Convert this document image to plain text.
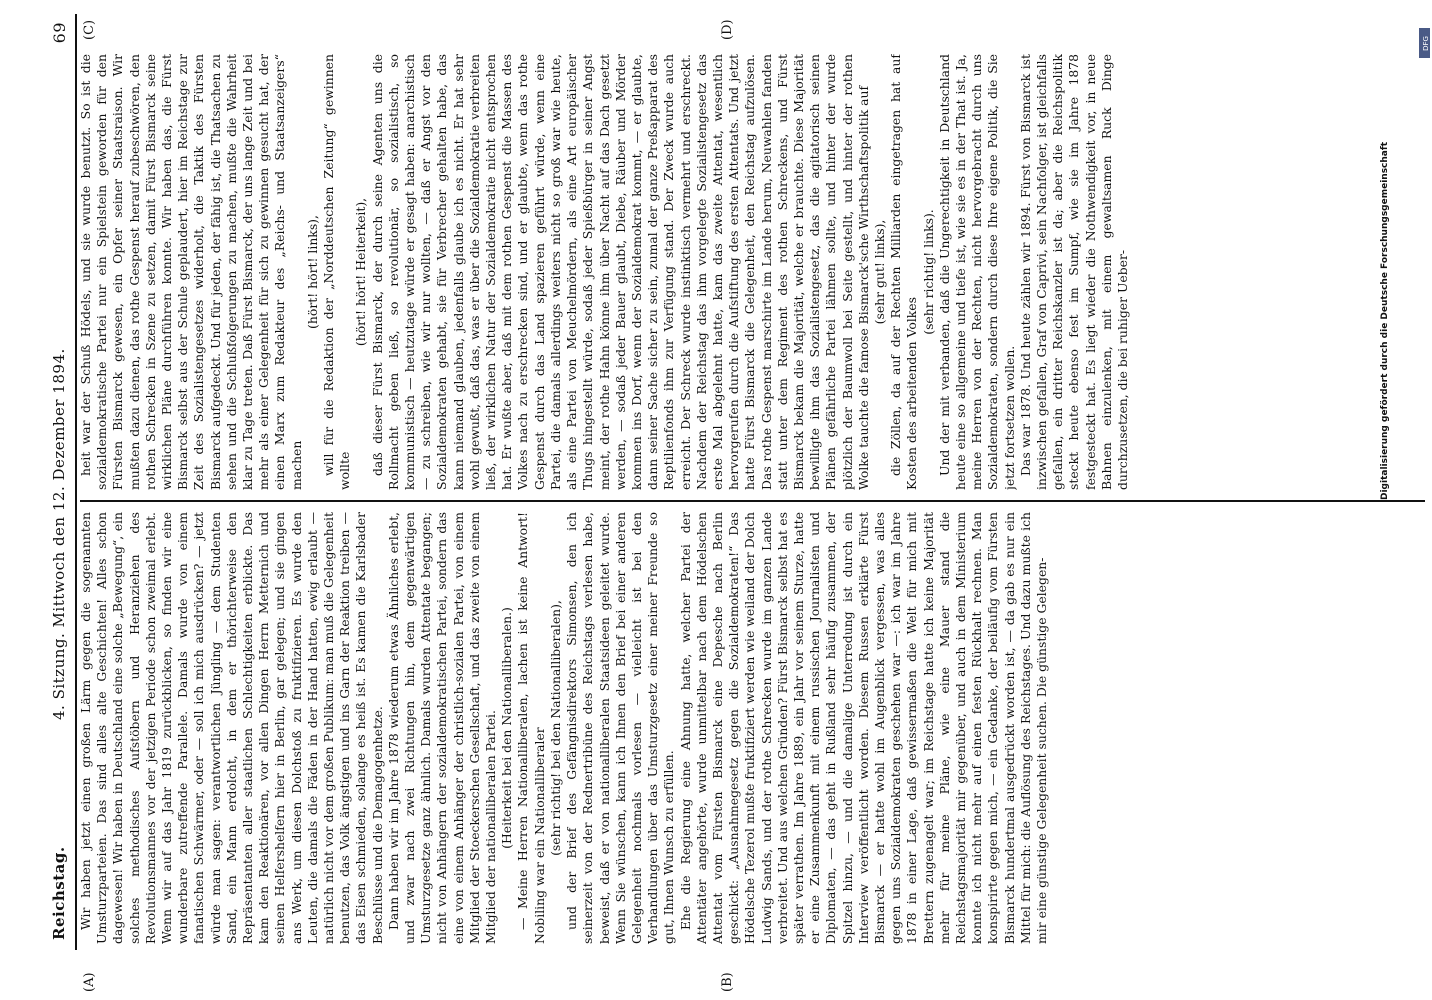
Reichstag.
4. Sitzung. Mittwoch den 12. Dezember 1894.
69
(A)	(B)
(C)	(D)

Wir haben jetzt einen großen Lärm gegen die sogenannten Umsturzparteien. Das sind alles alte Geschichten! Alles schon dagewesen! Wir haben in Deutschland eine solche „Bewegung“, ein solches methodisches Aufstöbern und Heranziehen des Revolutionsmannes vor der jetzigen Periode schon zweimal erlebt. Wenn wir auf das Jahr 1819 zurückblicken, so finden wir eine wunderbare zutreffende Parallele. Damals wurde von einem fanatischen Schwärmer, oder — soll ich mich ausdrücken? — jetzt würde man sagen: verantwortlichen Jüngling — dem Studenten Sand, ein Mann erdolcht, in dem er thörichterweise den Repräsentanten aller staatlichen Schlechtigkeiten erblickte. Das kam den Reaktionären, vor allen Dingen Herrn Metternich und seinen Helfershelfern hier in Berlin, gar gelegen; und sie gingen ans Werk, um diesen Dolchstoß zu fruktifizieren. Es wurde den Leuten, die damals die Fäden in der Hand hatten, ewig erlaubt — natürlich nicht vor dem großen Publikum: man muß die Gelegenheit benutzen, das Volk ängstigen und ins Garn der Reaktion treiben — das Eisen schmieden, solange es heiß ist. Es kamen die Karlsbader Beschlüsse und die Demagogenhetze. Dann haben wir im Jahre 1878 wiederum etwas Ähnliches erlebt, und zwar nach zwei Richtungen hin, dem gegenwärtigen Umsturzgesetze ganz ähnlich. Damals wurden Attentate begangen; nicht von Anhängern der sozialdemokratischen Partei, sondern das eine von einem Anhänger der christlich-sozialen Partei, von einem Mitglied der Stoeckerschen Gesellschaft, und das zweite von einem Mitglied der nationalliberalen Partei. (Heiterkeit bei den Nationalliberalen.) — Meine Herren Nationalliberalen, lachen ist keine Antwort! Nobiling war ein Nationalliberaler (sehr richtig! bei den Nationalliberalen), und der Brief des Gefängnisdirektors Simonsen, den ich seinerzeit von der Rednertribüne des Reichstags verlesen habe, beweist, daß er von nationalliberalen Staatsideen geleitet wurde. Wenn Sie wünschen, kann ich Ihnen den Brief bei einer anderen Gelegenheit nochmals vorlesen — vielleicht ist bei den Verhandlungen über das Umsturzgesetz einer meiner Freunde so gut, Ihnen Wunsch zu erfüllen. Ehe die Regierung eine Ahnung hatte, welcher Partei der Attentäter angehörte, wurde unmittelbar nach dem Hödelschen Attentat vom Fürsten Bismarck eine Depesche nach Berlin geschickt: „Ausnahmegesetz gegen die Sozialdemokraten!“ Das Hödelsche Tezerol mußte fruktifiziert werden wie weiland der Dolch Ludwig Sands, und der rothe Schrecken wurde im ganzen Lande verbreitet. Und aus welchen Gründen? Fürst Bismarck selbst hat es später verrathen. Im Jahre 1889, ein Jahr vor seinem Sturze, hatte er eine Zusammenkunft mit einem russischen Journalisten und Diplomaten, — das geht in Rußland sehr häufig zusammen, der Spitzel hinzu, — und die damalige Unterredung ist durch ein Interview veröffentlicht worden. Diesem Russen erklärte Fürst Bismarck — er hatte wohl im Augenblick vergessen, was alles gegen uns Sozialdemokraten geschehen war —: ich war im Jahre 1878 in einer Lage, daß gewissermaßen die Welt für mich mit Brettern zugenagelt war; im Reichstage hatte ich keine Majorität mehr für meine Pläne, wie eine Mauer stand die Reichstagsmajorität mir gegenüber, und auch in dem Ministerium konnte ich nicht mehr auf einen festen Rückhalt rechnen. Man konspirirte gegen mich, — ein Gedanke, der beiläufig vom Fürsten Bismarck hundertmal ausgedrückt worden ist, — da gab es nur ein Mittel für mich: die Auflösung des Reichstages. Und dazu mußte ich mir eine günstige Gelegenheit suchen. Die günstige Gelegen-

heit war der Schuß Hödels, und sie wurde benutzt. So ist die sozialdemokratische Partei nur ein Spielstein geworden für den Fürsten Bismarck gewesen, ein Opfer seiner Staatsraison. Wir mußten dazu dienen, das rothe Gespenst herauf zubeschwören, den rothen Schrecken in Szene zu setzen, damit Fürst Bismarck seine wirklichen Pläne durchführen konnte. Wir haben das, die Fürst Bismarck selbst aus der Schule geplaudert, hier im Reichstage zur Zeit des Sozialistengesetzes widerholt, die Taktik des Fürsten Bismarck aufgedeckt. Und für jeden, der fähig ist, die Thatsachen zu sehen und die Schlußfolgerungen zu machen, mußte die Wahrheit klar zu Tage treten. Daß Fürst Bismarck, der uns lange Zeit und bei mehr als einer Gelegenheit für sich zu gewinnen gesucht hat, der einen Marx zum Redakteur des „Reichs- und Staatsanzeigers“ machen

(hört! hört! links), will für die Redaktion der „Norddeutschen Zeitung“ gewinnen wollte

(hört! hört! Heiterkeit), daß dieser Fürst Bismarck, der durch seine Agenten uns die Rollmacht geben ließ, so revolutionär, so sozialistisch, so kommunistisch — heutzutage würde er gesagt haben: anarchistisch — zu schreiben, wie wir nur wollten, — daß er Angst vor den Sozialdemokraten gehabt, sie für Verbrecher gehalten habe, das kann niemand glauben, jedenfalls glaube ich es nicht. Er hat sehr wohl gewußt, daß das, was er über die Sozialdemokratie verbreiten ließ, der wirklichen Natur der Sozialdemokratie nicht entsprochen hat. Er wußte aber, daß mit dem rothen Gespenst die Massen des Volkes nach zu erschrecken sind, und er glaubte, wenn das rothe Gespenst durch das Land spazieren geführt würde, wenn eine Partei, die damals allerdings weiters nicht so groß war wie heute, als eine Partei von Meuchelmördern, als eine Art europäischer Thugs hingestellt würde, sodaß jeder Spießbürger in seiner Angst meint, der rothe Hahn könne ihm über Nacht auf das Dach gesetzt werden, — sodaß jeder Bauer glaubt, Diebe, Räuber und Mörder kommen ins Dorf, wenn der Sozialdemokrat kommt, — er glaubte, dann seiner Sache sicher zu sein, zumal der ganze Preßapparat des Reptilienfonds ihm zur Verfügung stand. Der Zweck wurde auch erreicht. Der Schreck wurde instinktisch vermehrt und erschreckt. Nachdem der Reichstag das ihm vorgelegte Sozialistengesetz das erste Mal abgelehnt hatte, kam das zweite Attentat, wesentlich hervorgerufen durch die Aufstiftung des ersten Attentats. Und jetzt hatte Fürst Bismarck die Gelegenheit, den Reichstag aufzulösen. Das rothe Gespenst marschirte im Lande herum, Neuwahlen fanden statt unter dem Regiment des rothen Schreckens, und Fürst Bismarck bekam die Majorität, welche er brauchte. Diese Majorität bewilligte ihm das Sozialistengesetz, das die agitatorisch seinen Plänen gefährliche Partei lähmen sollte, und hinter der wurde plötzlich der Baumwoll bei Seite gestellt, und hinter der rothen Wolke tauchte die famose Bismarck'sche Wirthschaftspolitik auf (sehr gut! links), die Zöllen, da auf der Rechten Milliarden eingetragen hat auf Kosten des arbeitenden Volkes

(sehr richtig! links). Und der mit verbanden, daß die Ungerechtigkeit in Deutschland heute eine so allgemeine und tiefe ist, wie sie es in der That ist. Ja, meine Herren von der Rechten, nicht hervorgebracht durch uns Sozialdemokraten, sondern durch diese Ihre eigene Politik, die Sie jetzt fortsetzen wollen. Das war 1878. Und heute zählen wir 1894. Fürst von Bismarck ist inzwischen gefallen, Graf von Caprivi, sein Nachfolger, ist gleichfalls gefallen, ein dritter Reichskanzler ist da; aber die Reichspolitik steckt heute ebenso fest im Sumpf, wie sie im Jahre 1878 festgesteckt hat. Es liegt wieder die Nothwendigkeit vor, in neue Bahnen einzulenken, mit einem gewaltsamen Ruck Dinge durchzusetzen, die bei ruhiger Ueber-	Digitalisierung gefördert durch die Deutsche Forschungsgemeinschaft
DFG
